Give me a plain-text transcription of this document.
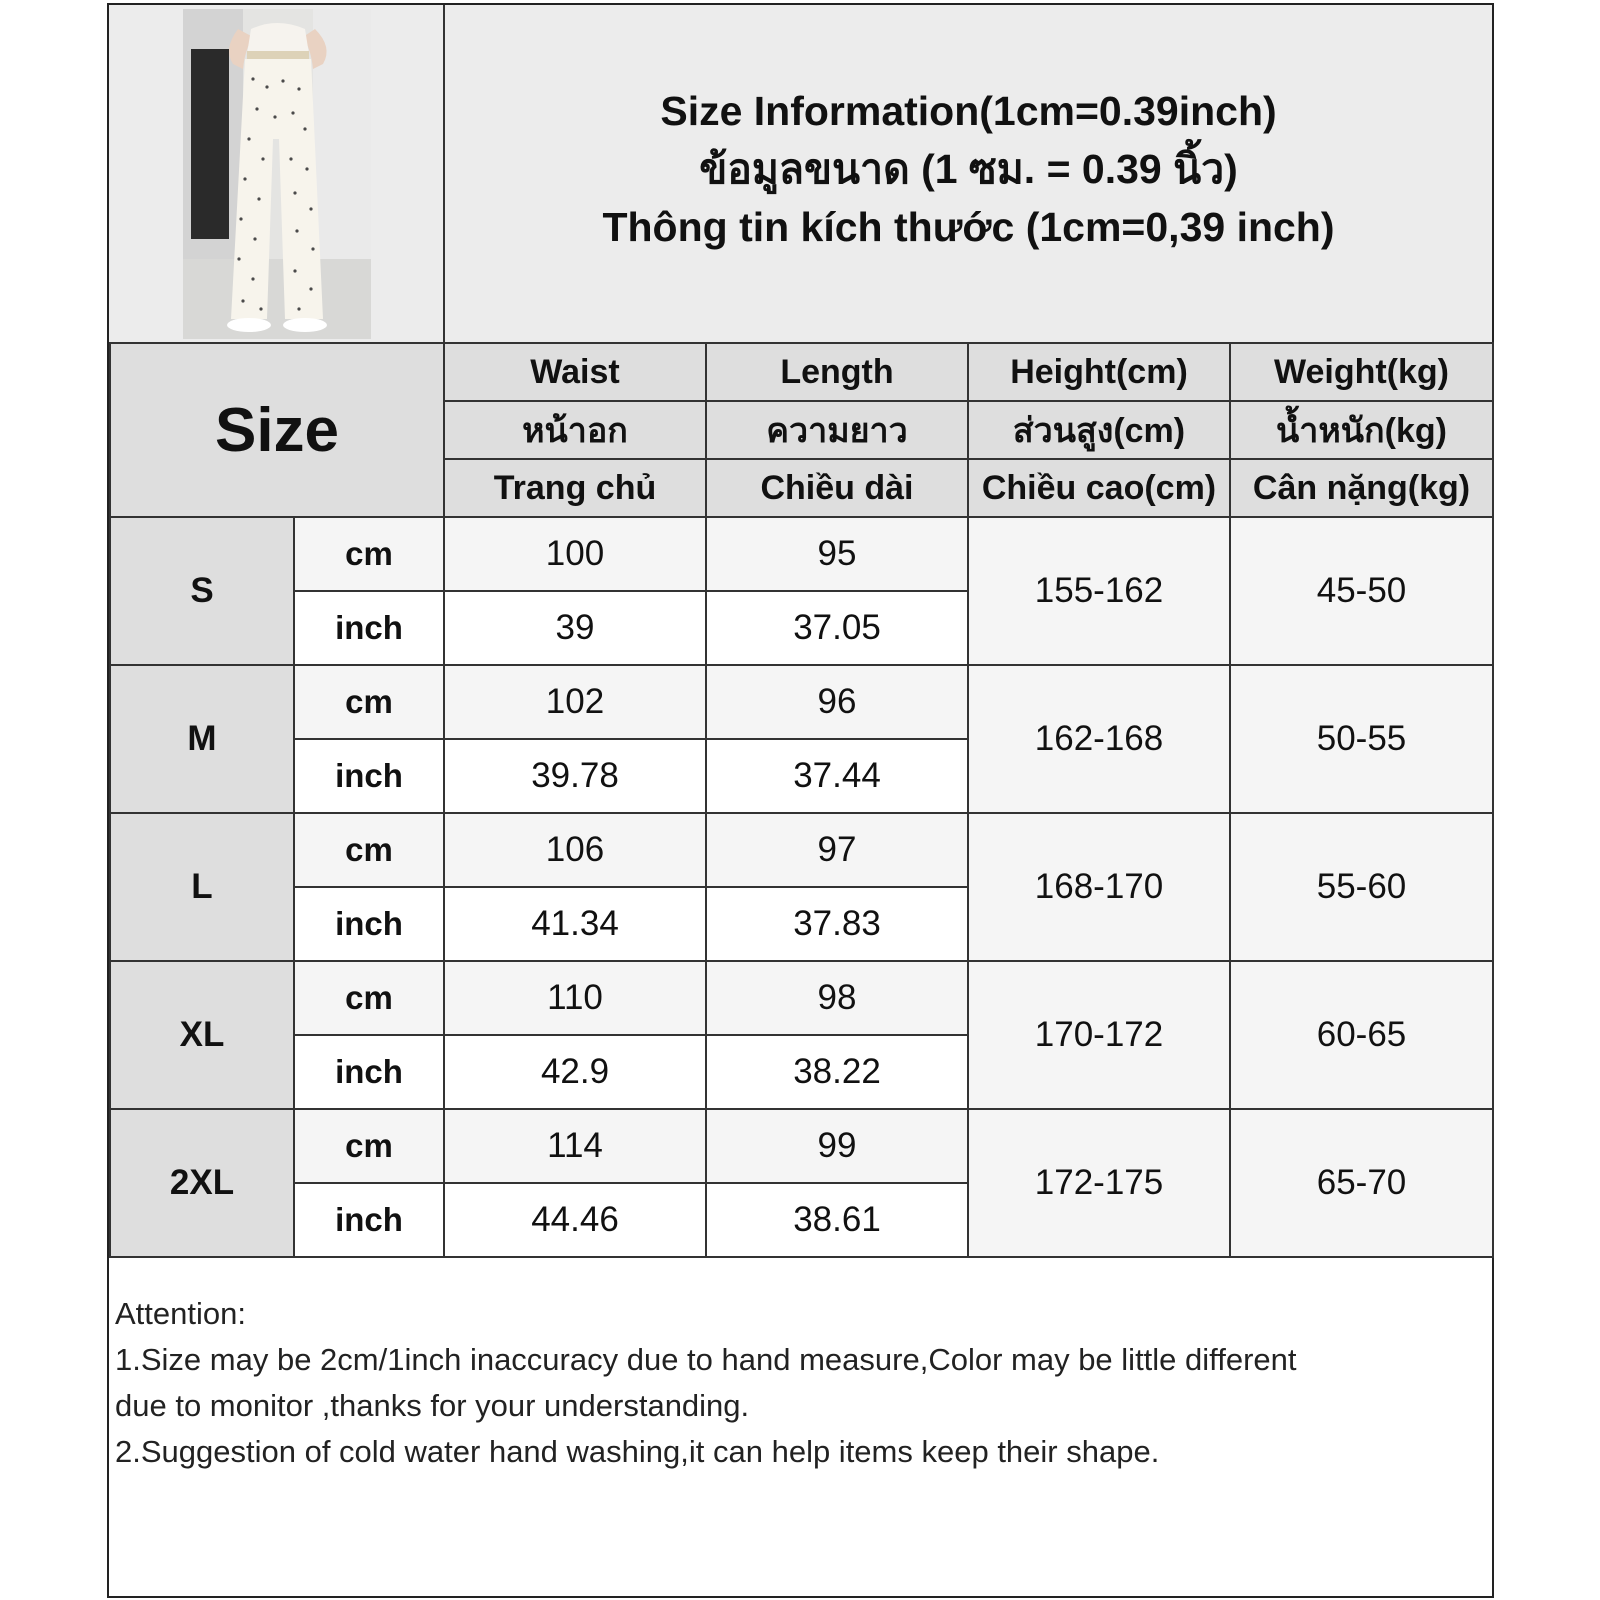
Size Information(1cm=0.39inch)
ข้อมูลขนาด (1 ซม. = 0.39 นิ้ว)
Thông tin kích thước (1cm=0,39 inch)
Size		Waist	Length	Height(cm)	Weight(kg)
		หน้าอก	ความยาว	ส่วนสูง(cm)	น้ำหนัก(kg)
		Trang chủ	Chiều dài	Chiều cao(cm)	Cân nặng(kg)
S	cm	100	95	155-162	45-50
	inch	39	37.05		
M	cm	102	96	162-168	50-55
	inch	39.78	37.44		
L	cm	106	97	168-170	55-60
	inch	41.34	37.83		
XL	cm	110	98	170-172	60-65
	inch	42.9	38.22		
2XL	cm	114	99	172-175	65-70
	inch	44.46	38.61		
Attention:
1.Size may be 2cm/1inch inaccuracy due to hand measure,Color may be little different
due to monitor ,thanks for your understanding.
2.Suggestion of cold water hand washing,it can help items keep their shape.
